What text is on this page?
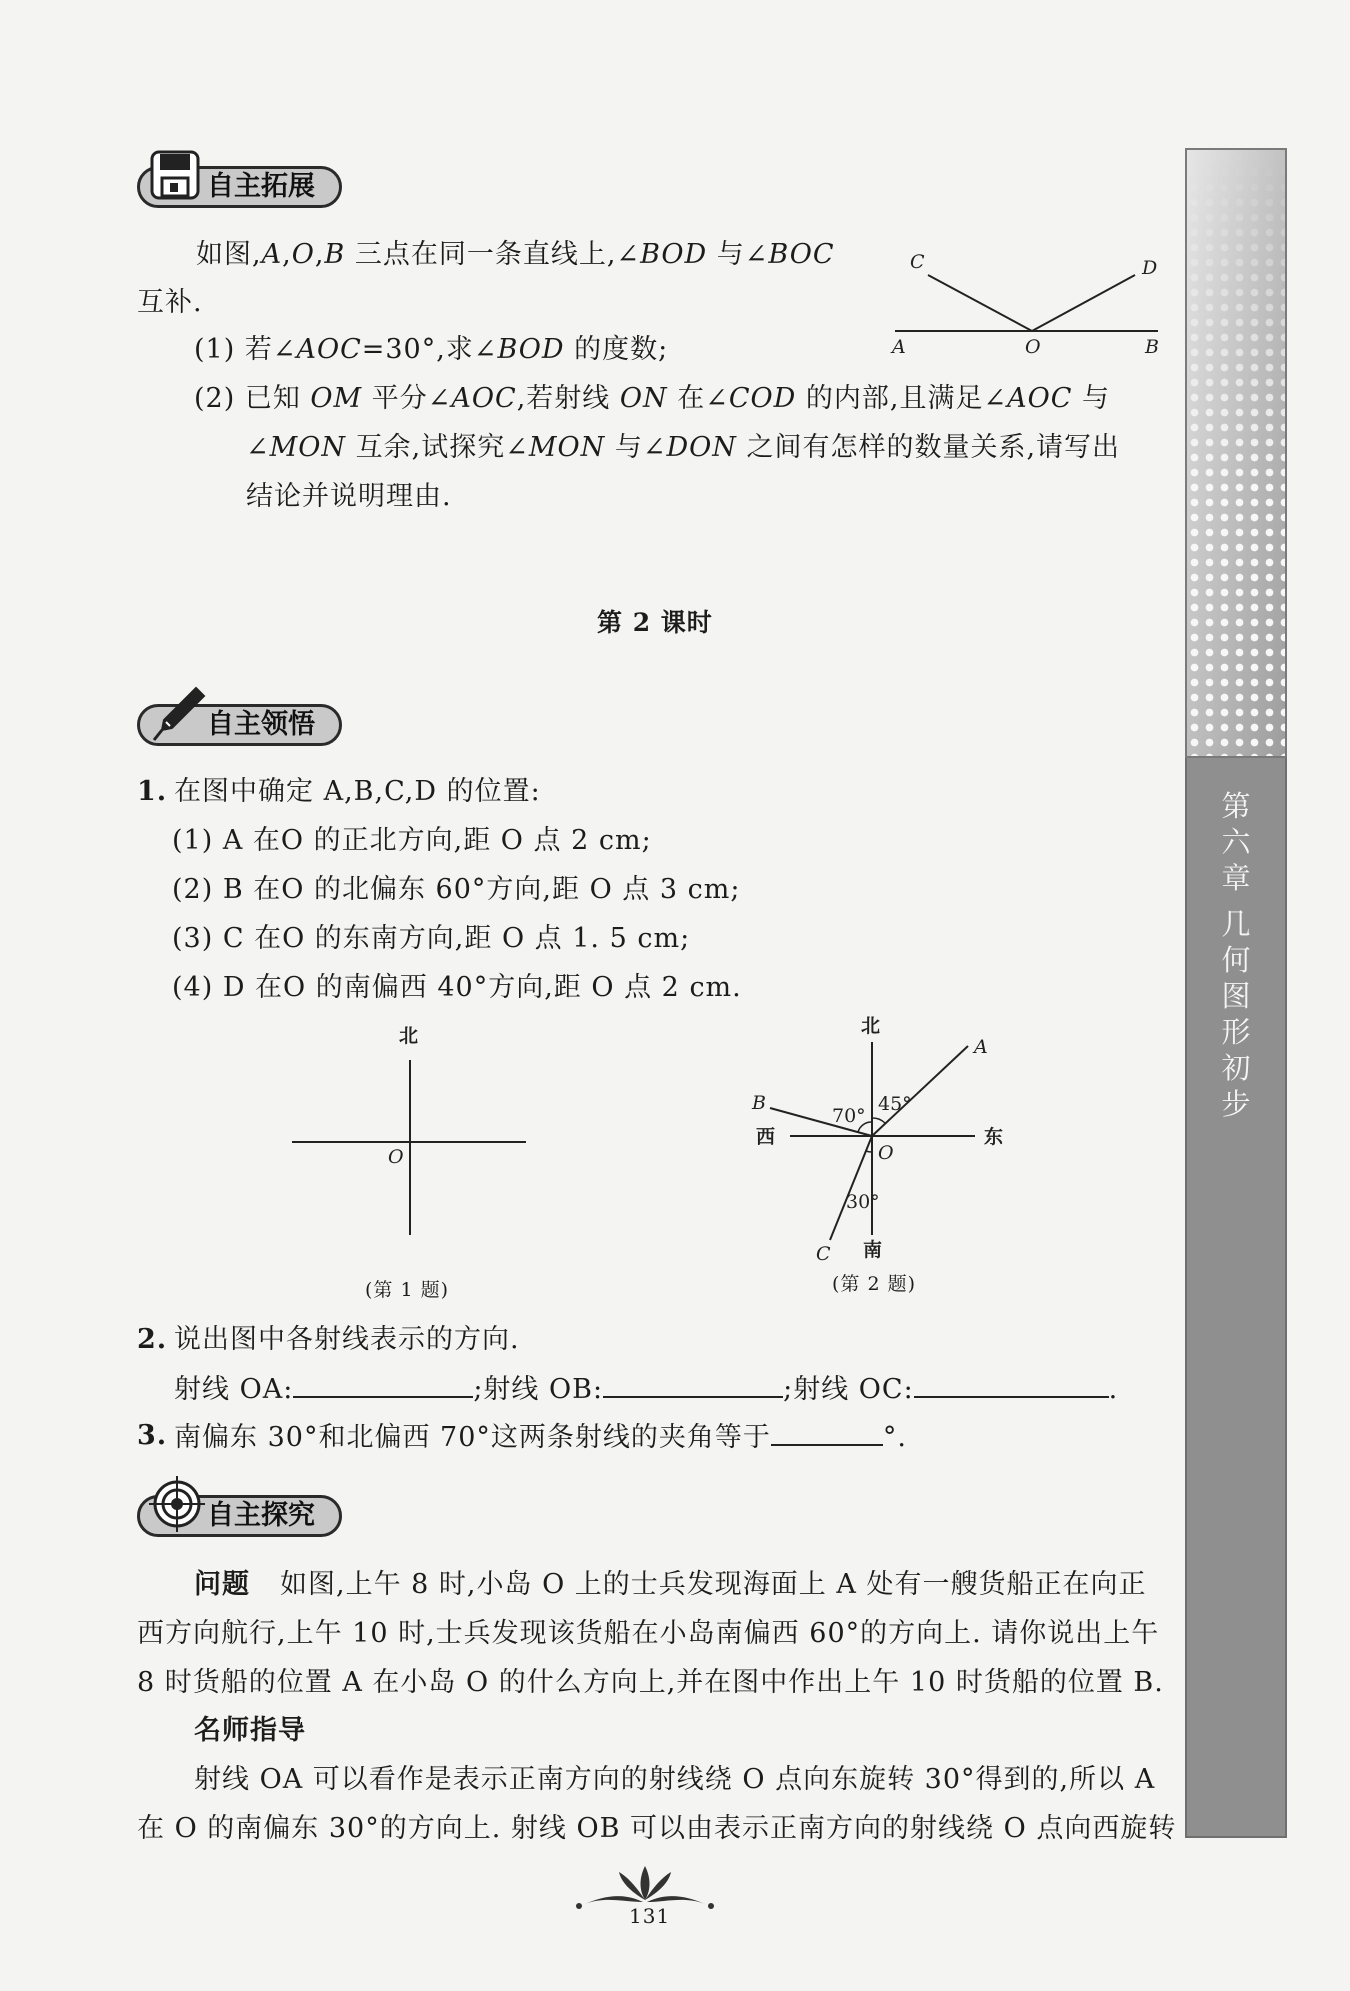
第
六
章
几
何
图
形
初
步
自主拓展
如图,A,O,B 三点在同一条直线上,∠BOD 与∠BOC
互补.
(1) 若∠AOC=30°,求∠BOD 的度数;
(2) 已知 OM 平分∠AOC,若射线 ON 在∠COD 的内部,且满足∠AOC 与
∠MON 互余,试探究∠MON 与∠DON 之间有怎样的数量关系,请写出
结论并说明理由.
C	D
A	O	B
第 2 课时
自主领悟
1. 在图中确定 A,B,C,D 的位置:
(1) A 在O 的正北方向,距 O 点 2 cm;
(2) B 在O 的北偏东 60°方向,距 O 点 3 cm;
(3) C 在O 的东南方向,距 O 点 1. 5 cm;
(4) D 在O 的南偏西 40°方向,距 O 点 2 cm.
北
O
(第 1 题)
北
南
西	东
A
B
C
O
70°
45°
30°
(第 2 题)
2. 说出图中各射线表示的方向.
射线 OA:	;射线 OB:	;射线 OC:	.
3. 南偏东 30°和北偏西 70°这两条射线的夹角等于	°.
自主探究
问题 如图,上午 8 时,小岛 O 上的士兵发现海面上 A 处有一艘货船正在向正
西方向航行,上午 10 时,士兵发现该货船在小岛南偏西 60°的方向上. 请你说出上午
8 时货船的位置 A 在小岛 O 的什么方向上,并在图中作出上午 10 时货船的位置 B.
名师指导
射线 OA 可以看作是表示正南方向的射线绕 O 点向东旋转 30°得到的,所以 A
在 O 的南偏东 30°的方向上. 射线 OB 可以由表示正南方向的射线绕 O 点向西旋转
131
